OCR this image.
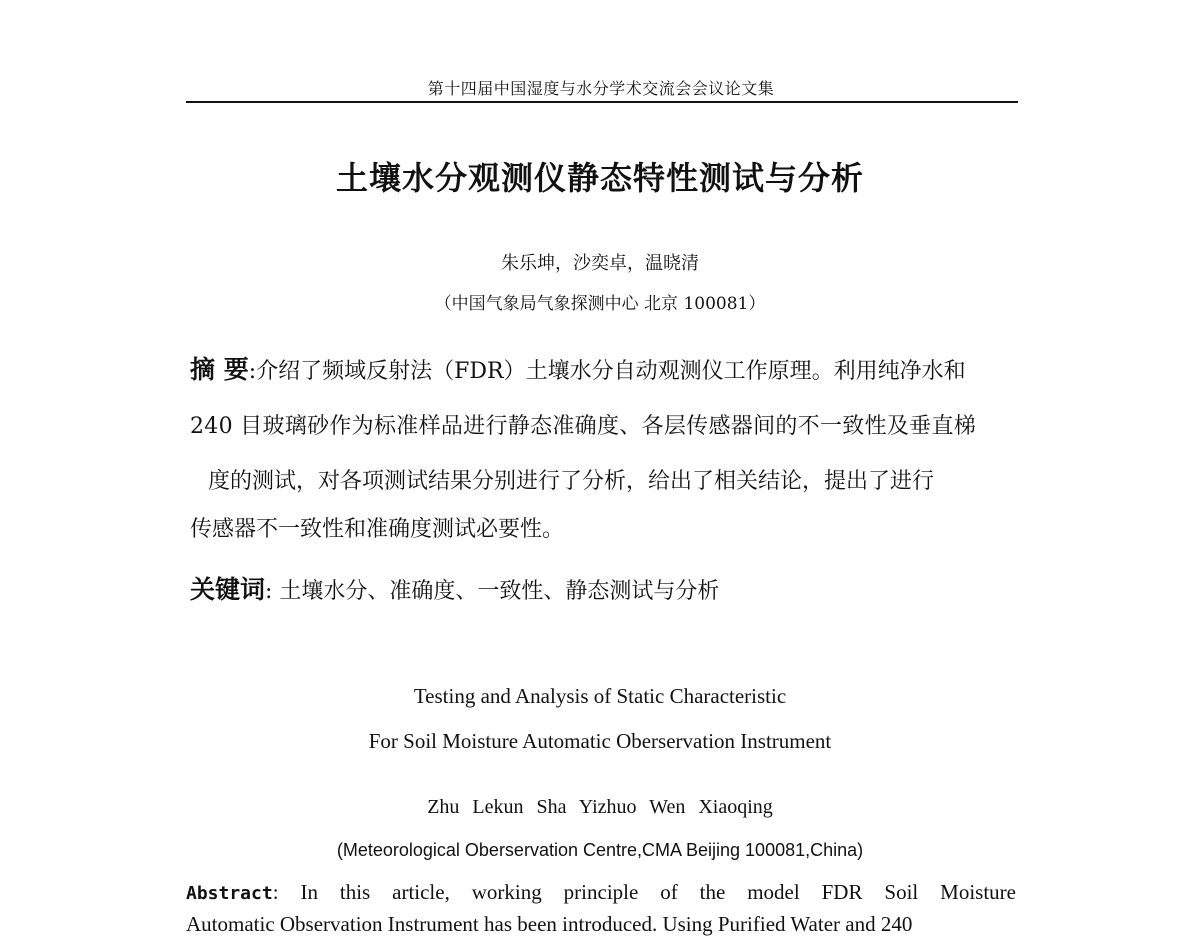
第十四届中国湿度与水分学术交流会会议论文集
土壤水分观测仪静态特性测试与分析
朱乐坤，沙奕卓，温晓清
（中国气象局气象探测中心 北京 100081）
摘 要:介绍了频域反射法（FDR）土壤水分自动观测仪工作原理。利用纯净水和
240 目玻璃砂作为标准样品进行静态准确度、各层传感器间的不一致性及垂直梯
度的测试，对各项测试结果分别进行了分析，给出了相关结论，提出了进行
传感器不一致性和准确度测试必要性。
关键词: 土壤水分、准确度、一致性、静态测试与分析
Testing and Analysis of Static Characteristic
For Soil Moisture Automatic Oberservation Instrument
Zhu Lekun Sha Yizhuo Wen Xiaoqing
(Meteorological Oberservation Centre,CMA Beijing 100081,China)
Abstract: In this article, working principle of the model FDR Soil Moisture
Automatic Observation Instrument has been introduced. Using Purified Water and 240
